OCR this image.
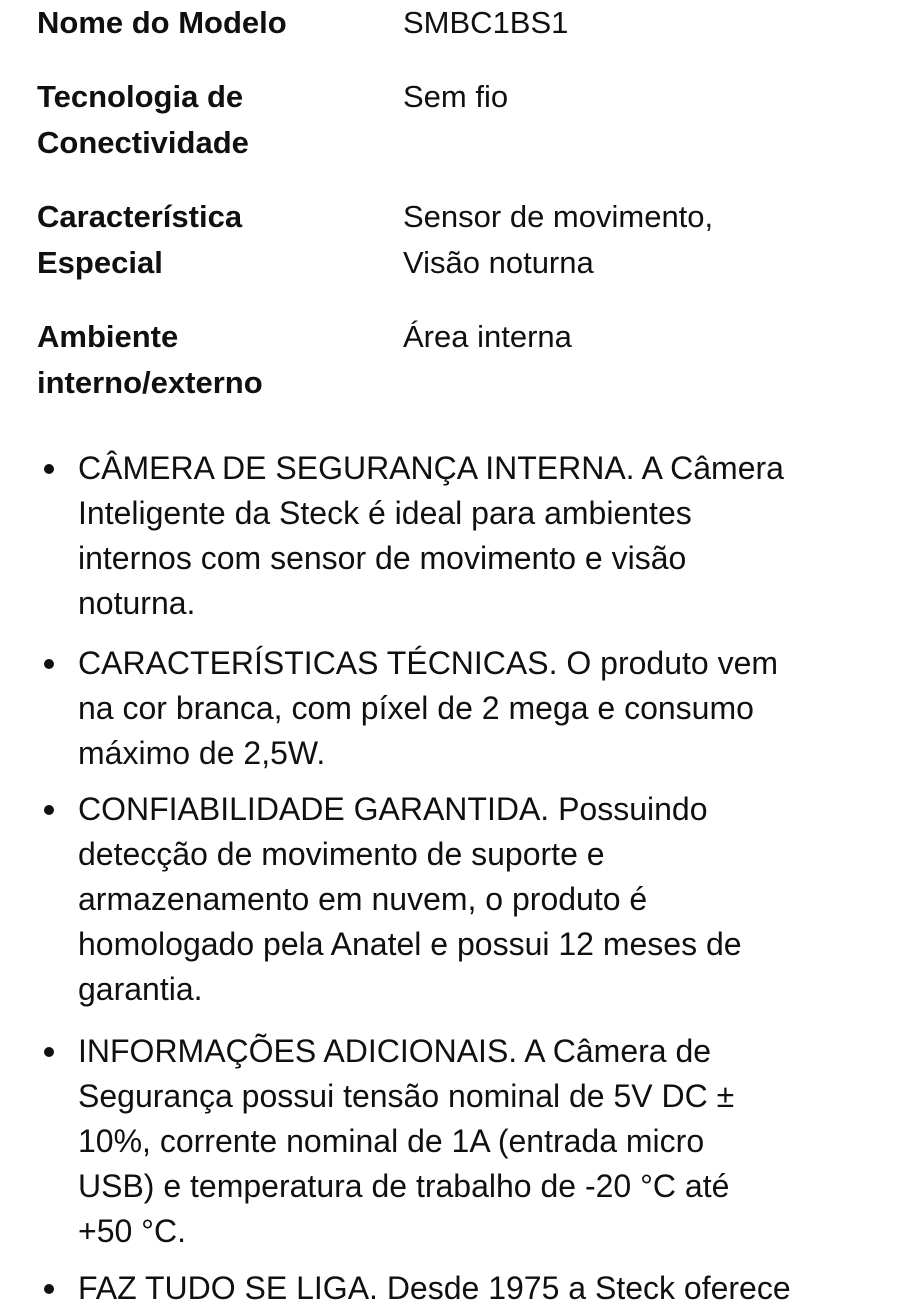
Nome do Modelo	SMBC1BS1
Tecnologia de
Conectividade
Sem fio
Característica
Especial
Sensor de movimento,
Visão noturna
Ambiente
interno/externo
Área interna
CÂMERA DE SEGURANÇA INTERNA. A Câmera
Inteligente da Steck é ideal para ambientes
internos com sensor de movimento e visão
noturna.
CARACTERÍSTICAS TÉCNICAS. O produto vem
na cor branca, com píxel de 2 mega e consumo
máximo de 2,5W.
CONFIABILIDADE GARANTIDA. Possuindo
detecção de movimento de suporte e
armazenamento em nuvem, o produto é
homologado pela Anatel e possui 12 meses de
garantia.
INFORMAÇÕES ADICIONAIS. A Câmera de
Segurança possui tensão nominal de 5V DC ±
10%, corrente nominal de 1A (entrada micro
USB) e temperatura de trabalho de -20 °C até
+50 °C.
FAZ TUDO SE LIGA. Desde 1975 a Steck oferece
